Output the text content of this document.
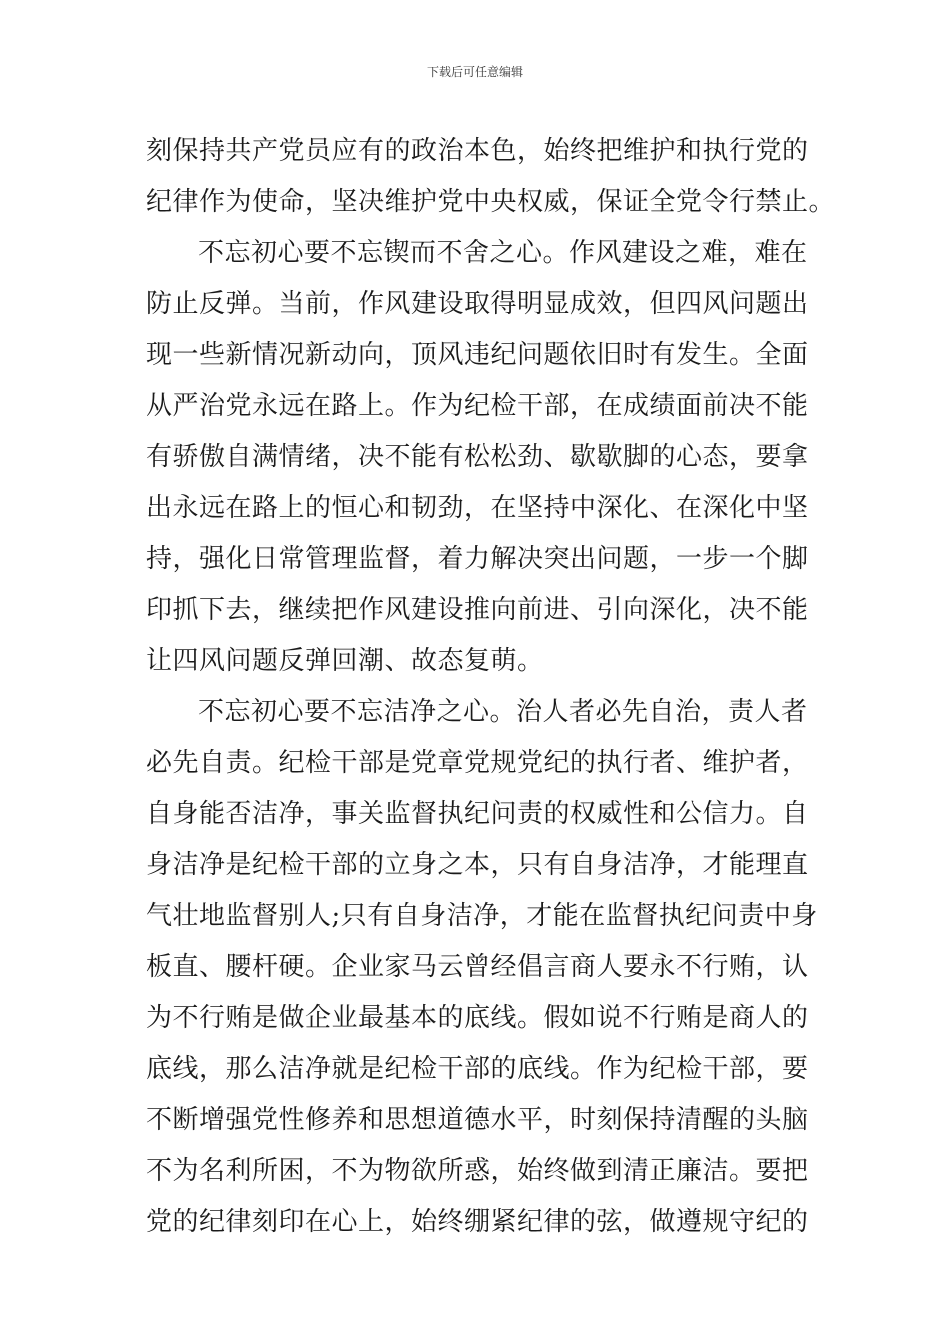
下载后可任意编辑
刻保持共产党员应有的政治本色，始终把维护和执行党的
纪律作为使命，坚决维护党中央权威，保证全党令行禁止。
不忘初心要不忘锲而不舍之心。作风建设之难，难在
防止反弹。当前，作风建设取得明显成效，但四风问题出
现一些新情况新动向，顶风违纪问题依旧时有发生。全面
从严治党永远在路上。作为纪检干部，在成绩面前决不能
有骄傲自满情绪，决不能有松松劲、歇歇脚的心态，要拿
出永远在路上的恒心和韧劲，在坚持中深化、在深化中坚
持，强化日常管理监督，着力解决突出问题，一步一个脚
印抓下去，继续把作风建设推向前进、引向深化，决不能
让四风问题反弹回潮、故态复萌。
不忘初心要不忘洁净之心。治人者必先自治，责人者
必先自责。纪检干部是党章党规党纪的执行者、维护者，
自身能否洁净，事关监督执纪问责的权威性和公信力。自
身洁净是纪检干部的立身之本，只有自身洁净，才能理直
气壮地监督别人;只有自身洁净，才能在监督执纪问责中身
板直、腰杆硬。企业家马云曾经倡言商人要永不行贿，认
为不行贿是做企业最基本的底线。假如说不行贿是商人的
底线，那么洁净就是纪检干部的底线。作为纪检干部，要
不断增强党性修养和思想道德水平，时刻保持清醒的头脑
不为名利所困，不为物欲所惑，始终做到清正廉洁。要把
党的纪律刻印在心上，始终绷紧纪律的弦，做遵规守纪的
